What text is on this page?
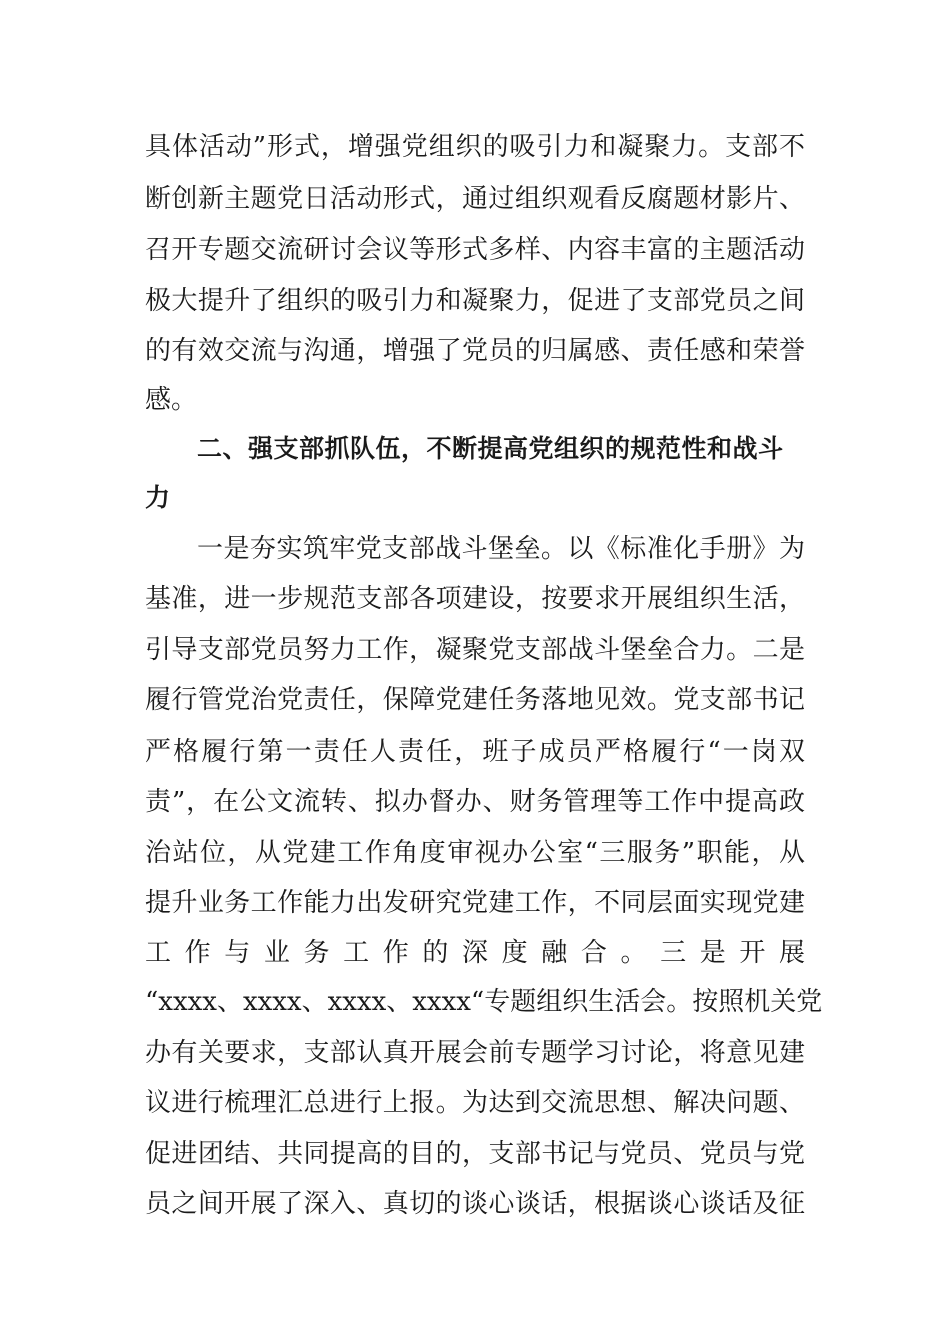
具体活动”形式，增强党组织的吸引力和凝聚力。支部不
断创新主题党日活动形式，通过组织观看反腐题材影片、
召开专题交流研讨会议等形式多样、内容丰富的主题活动
极大提升了组织的吸引力和凝聚力，促进了支部党员之间
的有效交流与沟通，增强了党员的归属感、责任感和荣誉
感。
二、强支部抓队伍，不断提高党组织的规范性和战斗
力
一是夯实筑牢党支部战斗堡垒。以《标准化手册》为
基准，进一步规范支部各项建设，按要求开展组织生活，
引导支部党员努力工作，凝聚党支部战斗堡垒合力。二是
履行管党治党责任，保障党建任务落地见效。党支部书记
严格履行第一责任人责任，班子成员严格履行“一岗双
责”，在公文流转、拟办督办、财务管理等工作中提高政
治站位，从党建工作角度审视办公室“三服务”职能，从
提升业务工作能力出发研究党建工作，不同层面实现党建
工作与业务工作的深度融合。三是开展
“xxxx、xxxx、xxxx、xxxx“专题组织生活会。按照机关党
办有关要求，支部认真开展会前专题学习讨论，将意见建
议进行梳理汇总进行上报。为达到交流思想、解决问题、
促进团结、共同提高的目的，支部书记与党员、党员与党
员之间开展了深入、真切的谈心谈话，根据谈心谈话及征
